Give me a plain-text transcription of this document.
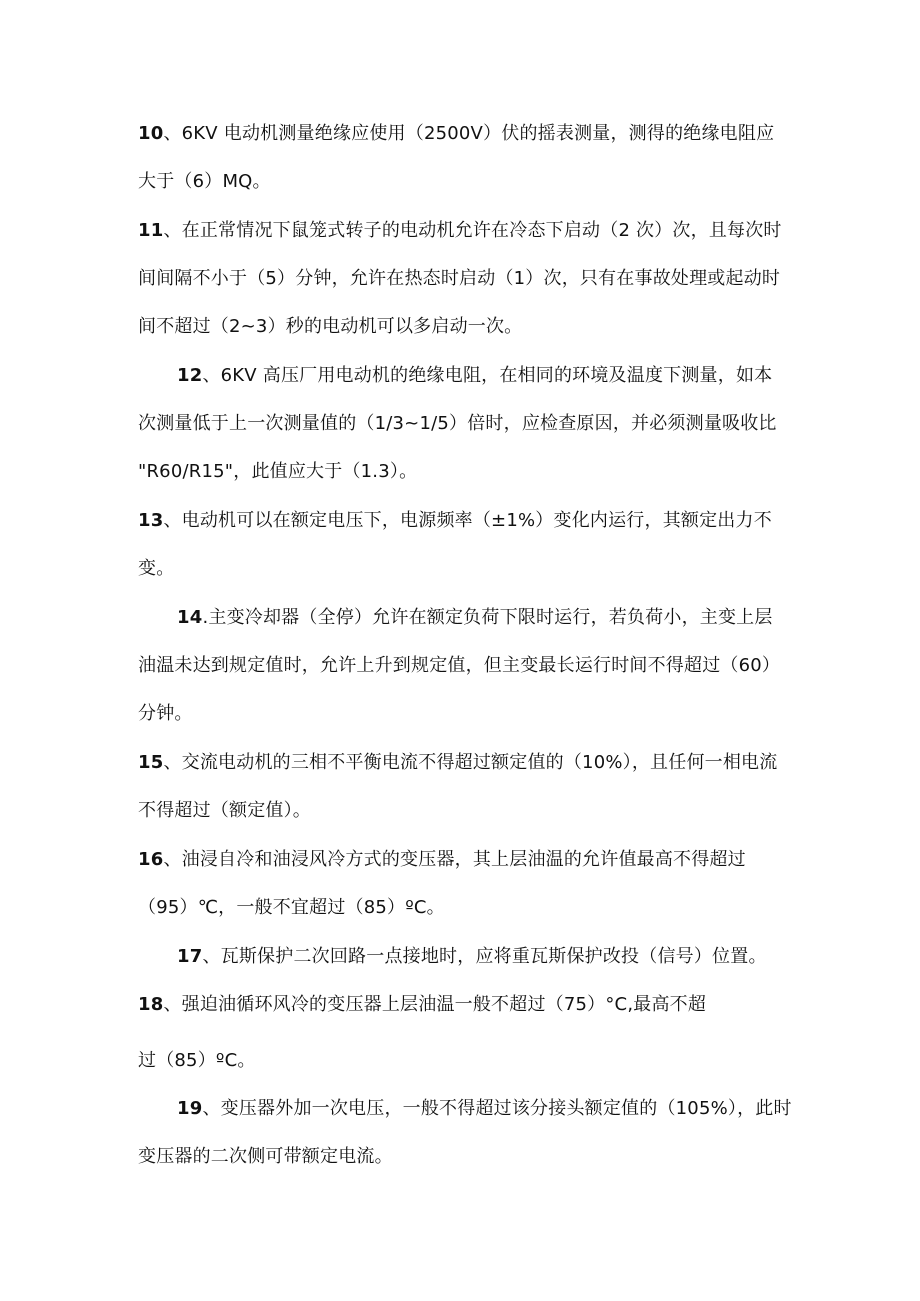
10、6KV 电动机测量绝缘应使用（2500V）伏的摇表测量，测得的绝缘电阻应
大于（6）MQ。
11、在正常情况下鼠笼式转子的电动机允许在冷态下启动（2 次）次，且每次时
间间隔不小于（5）分钟，允许在热态时启动（1）次，只有在事故处理或起动时
间不超过（2~3）秒的电动机可以多启动一次。
12、6KV 高压厂用电动机的绝缘电阻，在相同的环境及温度下测量，如本
次测量低于上一次测量值的（1/3~1/5）倍时，应检查原因，并必须测量吸收比
"R60/R15"，此值应大于（1.3）。
13、电动机可以在额定电压下，电源频率（±1%）变化内运行，其额定出力不
变。
14.主变冷却器（全停）允许在额定负荷下限时运行，若负荷小，主变上层
油温未达到规定值时，允许上升到规定值，但主变最长运行时间不得超过（60）
分钟。
15、交流电动机的三相不平衡电流不得超过额定值的（10%），且任何一相电流
不得超过（额定值）。
16、油浸自冷和油浸风冷方式的变压器，其上层油温的允许值最高不得超过
（95）℃，一般不宜超过（85）ºC。
17、瓦斯保护二次回路一点接地时，应将重瓦斯保护改投（信号）位置。
18、强迫油循环风冷的变压器上层油温一般不超过（75）°C,最高不超
过（85）ºC。
19、变压器外加一次电压，一般不得超过该分接头额定值的（105%），此时
变压器的二次侧可带额定电流。
